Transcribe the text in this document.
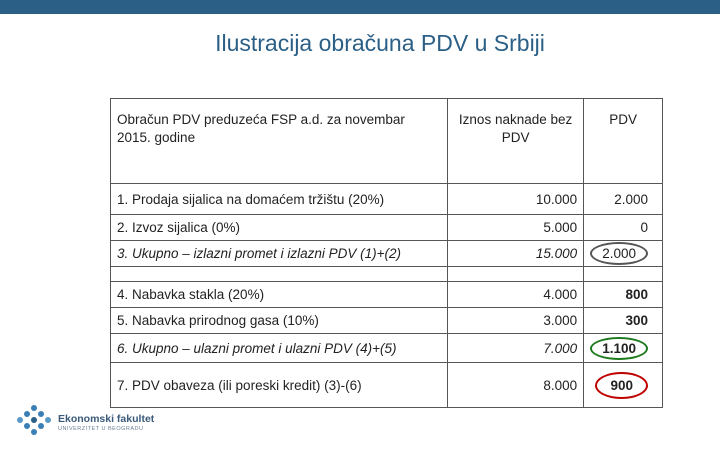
Ilustracija obračuna PDV u Srbiji
Obračun PDV preduzeća FSP a.d. za novembar 2015. godine	Iznos naknade bez PDV	PDV
1. Prodaja sijalica na domaćem tržištu (20%)	10.000	2.000
2. Izvoz sijalica (0%)	5.000	0
3. Ukupno – izlazni promet i izlazni PDV (1)+(2)	15.000	2.000

4. Nabavka stakla (20%)	4.000	800
5. Nabavka prirodnog gasa (10%)	3.000	300
6. Ukupno – ulazni promet i ulazni PDV (4)+(5)	7.000	1.100
7. PDV obaveza (ili poreski kredit) (3)-(6)	8.000	900
Ekonomski fakultet
UNIVERZITET U BEOGRADU
